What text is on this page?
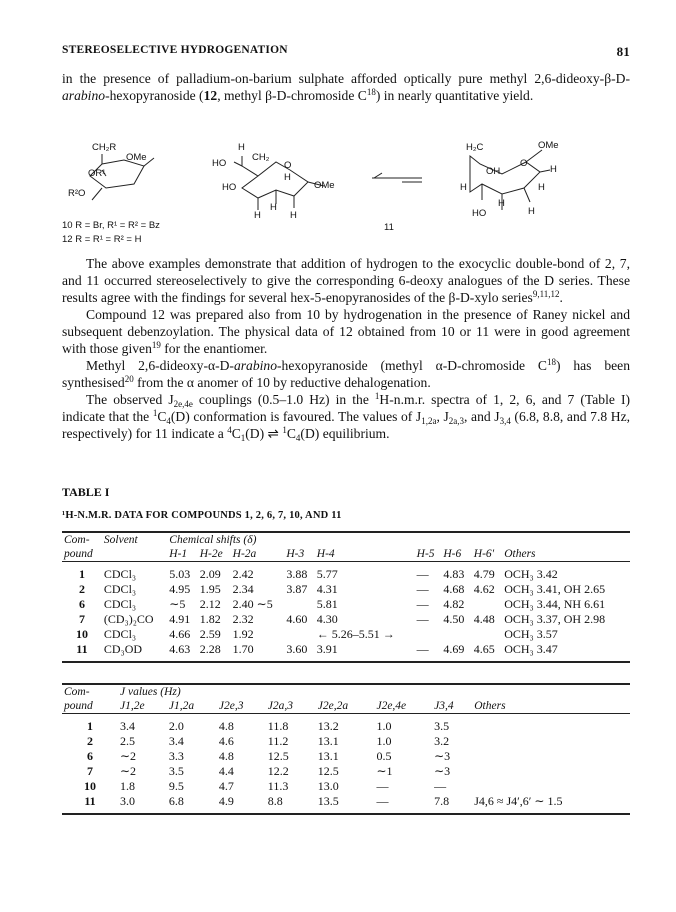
STEREOSELECTIVE HYDROGENATION	81

in the presence of palladium-on-barium sulphate afforded optically pure methyl 2,6-dideoxy-β-D-arabino-hexopyranoside (12, methyl β-D-chromoside $C^{18}$) in nearly quantitative yield.

CH₂R
OMe
OR¹
R²O
H
CH₂
O
HO
HO
H
OMe
H
H
H
H₂C	OMe
OH
O
H
H	H
HO	H
H
10 R = Br, R¹ = R² = Bz
12 R = R¹ = R² = H
11

The above examples demonstrate that addition of hydrogen to the exocyclic double-bond of 2, 7, and 11 occurred stereoselectively to give the corresponding 6-deoxy analogues of the D series. These results agree with the findings for several hex-5-enopyranosides of the β-D-xylo series$^{9,11,12}$.

Compound 12 was prepared also from 10 by hydrogenation in the presence of Raney nickel and subsequent debenzoylation. The physical data of 12 obtained from 10 or 11 were in good agreement with those given$^{19}$ for the enantiomer.

Methyl 2,6-dideoxy-α-D-arabino-hexopyranoside (methyl α-D-chromoside $C^{18}$) has been synthesised$^{20}$ from the α anomer of 10 by reductive dehalogenation.

The observed $J_{2e,4e}$ couplings (0.5–1.0 Hz) in the $^1$H-n.m.r. spectra of 1, 2, 6, and 7 (Table I) indicate that the $^1C_4(D)$ conformation is favoured. The values of $J_{1,2a}$, $J_{2a,3}$, and $J_{3,4}$ (6.8, 8.8, and 7.8 Hz, respectively) for 11 indicate a $^4C_1(D)$ ⇌ $^1C_4(D)$ equilibrium.

TABLE I
¹H-N.M.R. DATA FOR COMPOUNDS 1, 2, 6, 7, 10, AND 11
Com-	Solvent	Chemical shifts (δ)								
pound		H-1	H-2e	H-2a	H-3	H-4	H-5	H-6	H-6′	Others
1	CDCl₃	5.03	2.09	2.42	3.88	5.77	—	4.83	4.79	OCH₃ 3.42
2	CDCl₃	4.95	1.95	2.34	3.87	4.31	—	4.68	4.62	OCH₃ 3.41, OH 2.65
6	CDCl₃	∼5	2.12	2.40 ∼5		5.81	—	4.82		OCH₃ 3.44, NH 6.61
7	(CD₃)₂CO	4.91	1.82	2.32	4.60	4.30	—	4.50	4.48	OCH₃ 3.37, OH 2.98
10	CDCl₃	4.66	2.59	1.92		← 5.26–5.51 →				OCH₃ 3.57
11	CD₃OD	4.63	2.28	1.70	3.60	3.91	—	4.69	4.65	OCH₃ 3.47
Com-	J values (Hz)							
pound	J1,2e	J1,2a	J2e,3	J2a,3	J2e,2a	J2e,4e	J3,4	Others
1	3.4	2.0	4.8	11.8	13.2	1.0	3.5	
2	2.5	3.4	4.6	11.2	13.1	1.0	3.2	
6	∼2	3.3	4.8	12.5	13.1	0.5	∼3	
7	∼2	3.5	4.4	12.2	12.5	∼1	∼3	
10	1.8	9.5	4.7	11.3	13.0	—	—	
11	3.0	6.8	4.9	8.8	13.5	—	7.8	J4,6 ≈ J4′,6′ ∼ 1.5
